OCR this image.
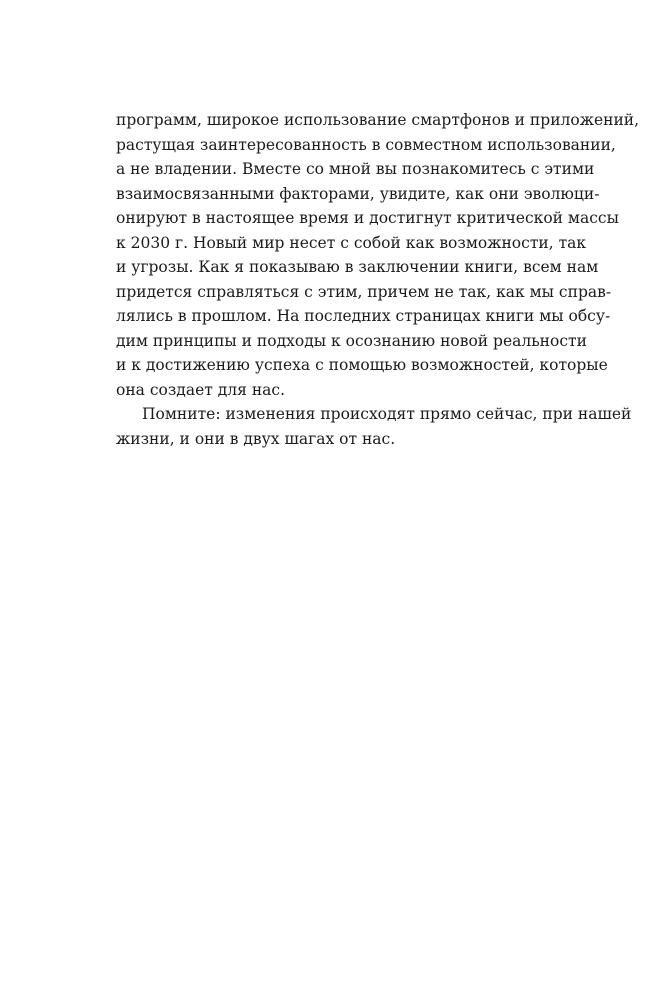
программ, широкое использование смартфонов и приложений,
растущая заинтересованность в совместном использовании,
а не владении. Вместе со мной вы познакомитесь с этими
взаимосвязанными факторами, увидите, как они эволюци-
онируют в настоящее время и достигнут критической массы
к 2030 г. Новый мир несет с собой как возможности, так
и угрозы. Как я показываю в заключении книги, всем нам
придется справляться с этим, причем не так, как мы спрaв-
лялись в прошлом. На последних страницах книги мы обсу-
дим принципы и подходы к осознанию новой реальности
и к достижению успеха с помощью возможностей, которые
она создает для нас.
Помните: изменения происходят прямо сейчас, при нашей
жизни, и они в двух шагах от нас.
